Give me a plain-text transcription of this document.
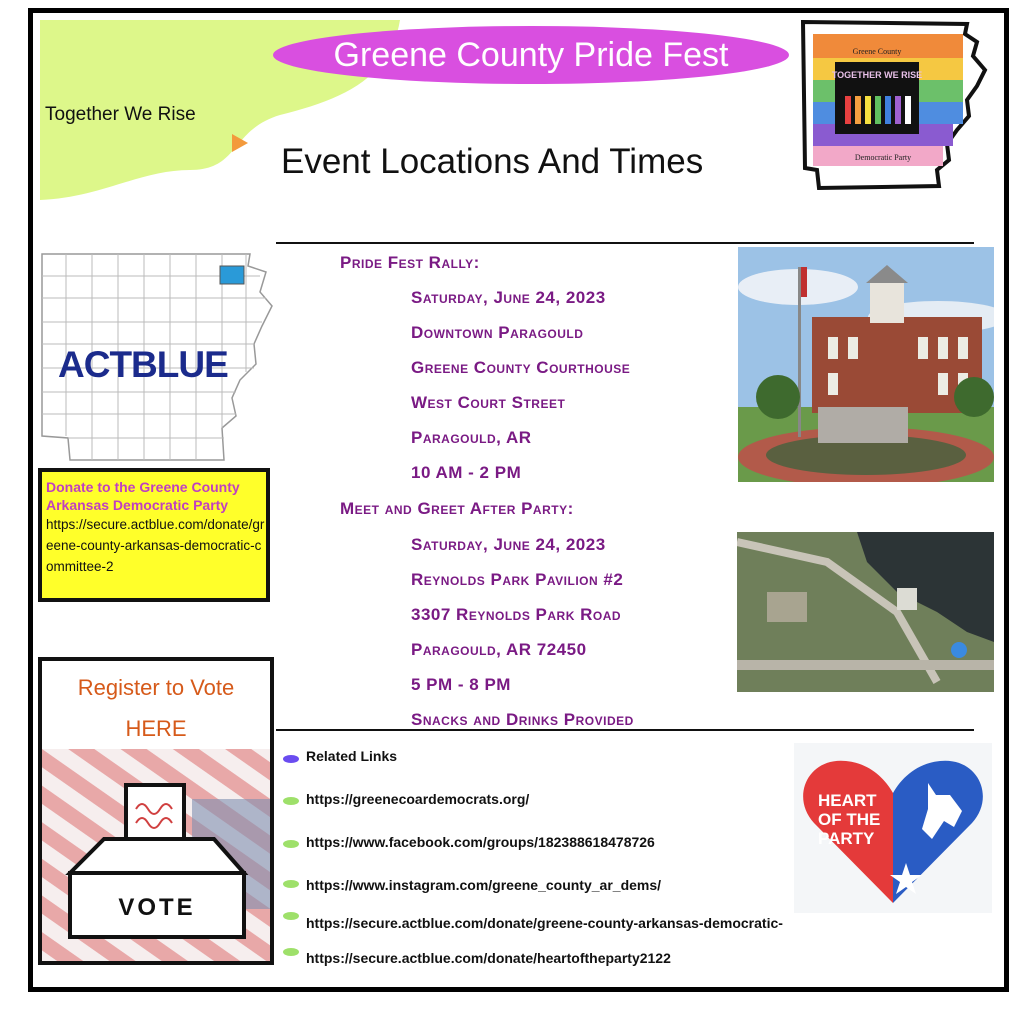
Together We Rise
Greene County Pride Fest
Event Locations And Times
Greene County
TOGETHER WE RISE
Democratic Party
ACTBLUE
Donate to the Greene County Arkansas Democratic Party
https://secure.actblue.com/donate/greene-county-arkansas-democratic-committee-2
Register to Vote
HERE
VOTE
Pride Fest Rally:
Saturday, June 24, 2023
Downtown Paragould
Greene County Courthouse
West Court Street
Paragould, AR
10 AM - 2 PM
Meet and Greet After Party:
Saturday, June 24, 2023
Reynolds Park Pavilion #2
3307 Reynolds Park Road
Paragould, AR 72450
5 PM - 8 PM
Snacks and Drinks Provided
Related Links
https://greenecoardemocrats.org/
https://www.facebook.com/groups/182388618478726
https://www.instagram.com/greene_county_ar_dems/
https://secure.actblue.com/donate/greene-county-arkansas-democratic-
https://secure.actblue.com/donate/heartoftheparty2122
HEART OF THE PARTY
